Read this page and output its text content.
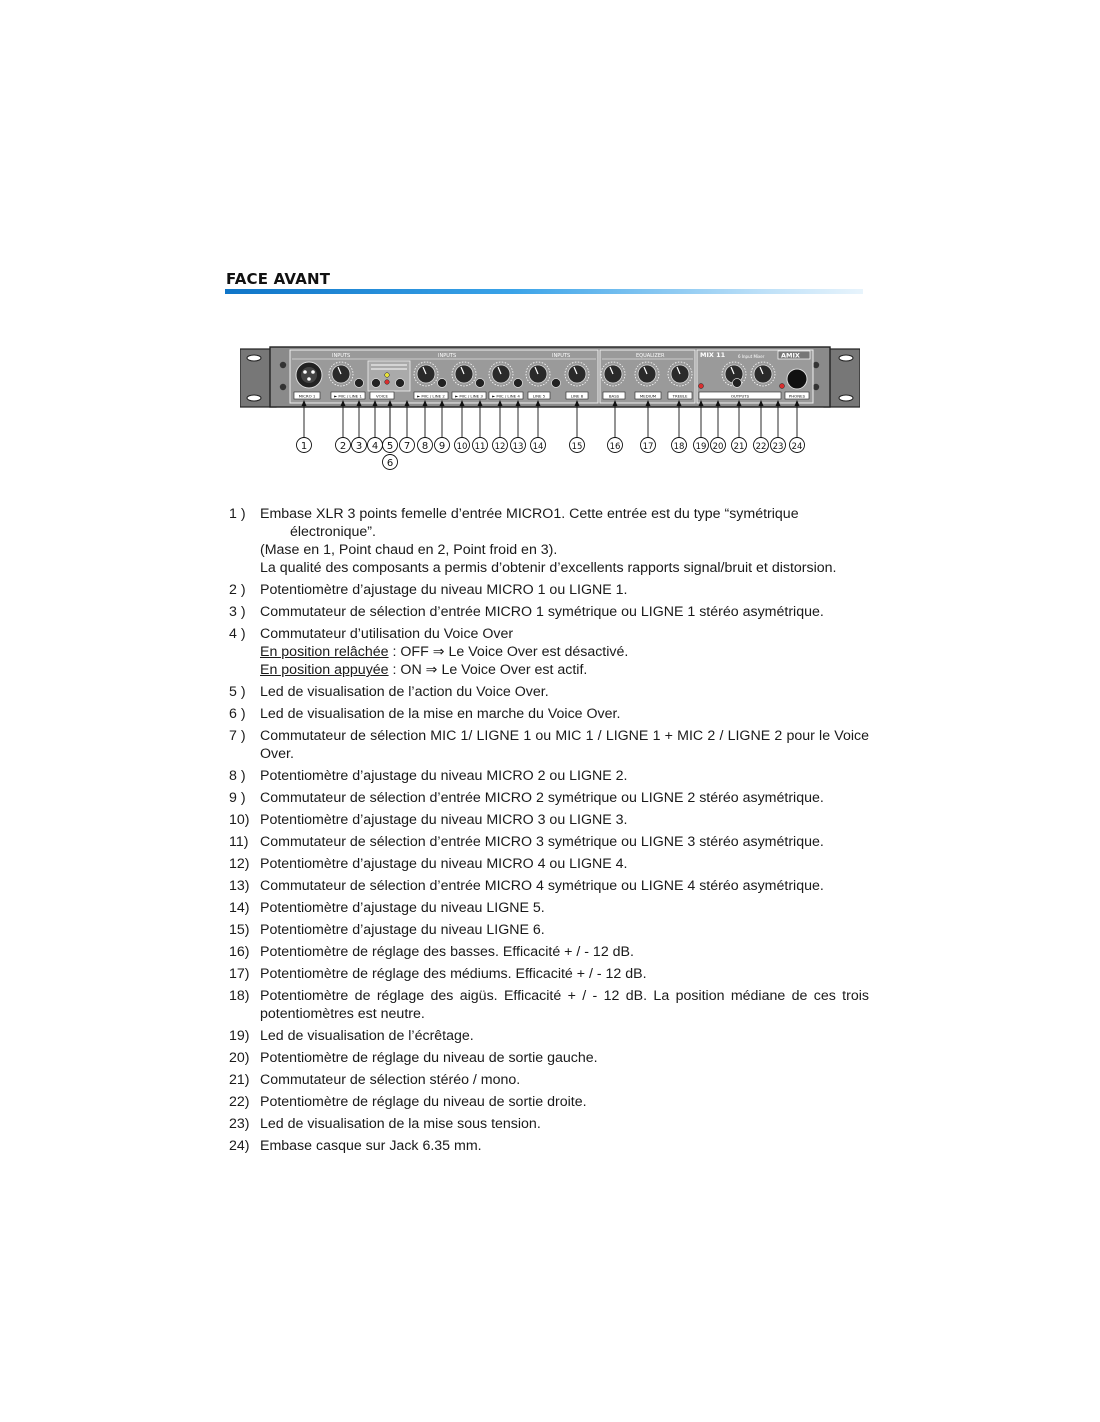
FACE AVANT
INPUTS	INPUTS	INPUTS	EQUALIZER	MIX 11	6 Input Mixer	AMIX
MICRO 1	► MIC / LINE 1	VOICE	► MIC / LINE 2	► MIC / LINE 3 ► MIC / LINE 4	LINE 5	LINE 6	BASS	MEDIUM	TREBLE	OUTPUTS	PHONES
1	2 3 4 5 7 8 9 10 11 12 13 14	15	16	17 18 19 20 21 22 23 24
6
1 )	Embase XLR 3 points femelle d’entrée MICRO1. Cette entrée est du type “symétrique
électronique”.
(Mase en 1, Point chaud en 2, Point froid en 3).
La qualité des composants a permis d’obtenir d’excellents rapports signal/bruit et distorsion.
2 )	Potentiomètre d’ajustage du niveau MICRO 1 ou LIGNE 1.
3 )	Commutateur de sélection d’entrée MICRO 1 symétrique ou LIGNE 1 stéréo asymétrique.
4 )	Commutateur d’utilisation du Voice Over
En position relâchée : OFF ⇒ Le Voice Over est désactivé.
En position appuyée : ON ⇒ Le Voice Over est actif.
5 )	Led de visualisation de l’action du Voice Over.
6 )	Led de visualisation de la mise en marche du Voice Over.
7 )	Commutateur de sélection MIC 1/ LIGNE 1 ou MIC 1 / LIGNE 1 + MIC 2 / LIGNE 2 pour le Voice Over.
8 )	Potentiomètre d’ajustage du niveau MICRO 2 ou LIGNE 2.
9 )	Commutateur de sélection d’entrée MICRO 2 symétrique ou LIGNE 2 stéréo asymétrique.
10) Potentiomètre d’ajustage du niveau MICRO 3 ou LIGNE 3.
11) Commutateur de sélection d’entrée MICRO 3 symétrique ou LIGNE 3 stéréo asymétrique.
12) Potentiomètre d’ajustage du niveau MICRO 4 ou LIGNE 4.
13) Commutateur de sélection d’entrée MICRO 4 symétrique ou LIGNE 4 stéréo asymétrique.
14) Potentiomètre d’ajustage du niveau LIGNE 5.
15) Potentiomètre d’ajustage du niveau LIGNE 6.
16) Potentiomètre de réglage des basses. Efficacité + / - 12 dB.
17) Potentiomètre de réglage des médiums. Efficacité + / - 12 dB.
18) Potentiomètre de réglage des aigüs. Efficacité + / - 12 dB. La position médiane de ces trois potentiomètres est neutre.
19) Led de visualisation de l’écrêtage.
20) Potentiomètre de réglage du niveau de sortie gauche.
21) Commutateur de sélection stéréo / mono.
22) Potentiomètre de réglage du niveau de sortie droite.
23) Led de visualisation de la mise sous tension.
24) Embase casque sur Jack 6.35 mm.
